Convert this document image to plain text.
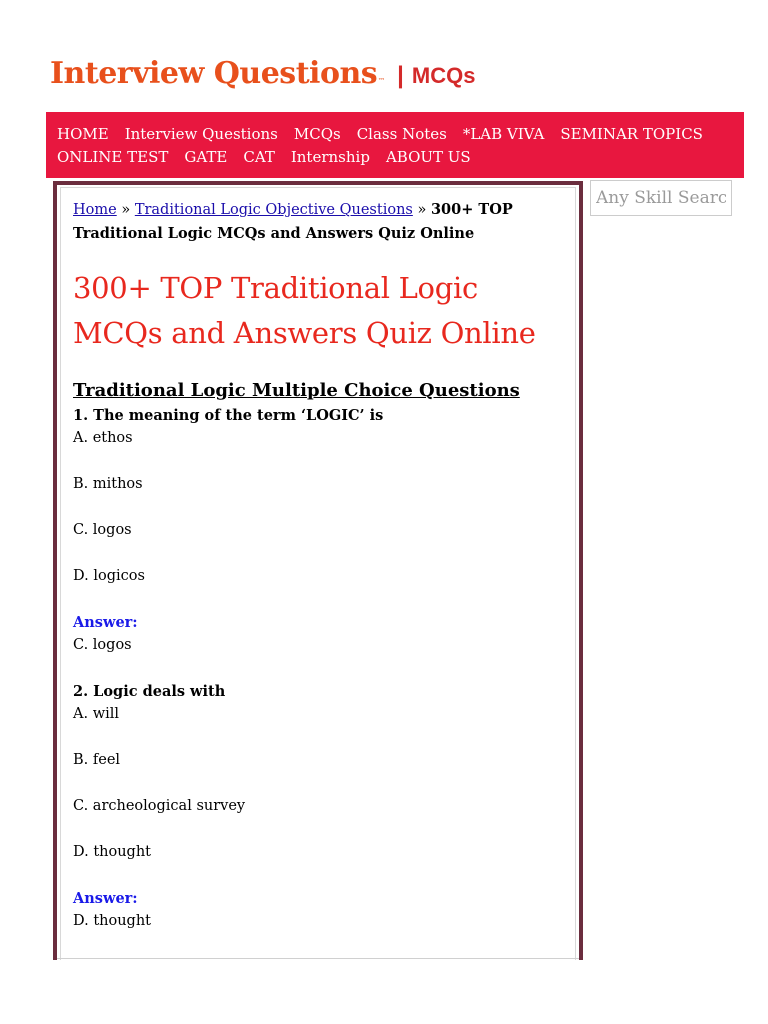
Interview Questions ™ | MCQs
HOME Interview Questions MCQs Class Notes *LAB VIVA SEMINAR TOPICS
ONLINE TEST GATE CAT Internship ABOUT US
Any Skill Search Here
Home » Traditional Logic Objective Questions » 300+ TOP Traditional Logic MCQs and Answers Quiz Online
300+ TOP Traditional Logic MCQs and Answers Quiz Online
Traditional Logic Multiple Choice Questions
1. The meaning of the term ‘LOGIC’ is
A. ethos
B. mithos
C. logos
D. logicos
Answer:
C. logos
2. Logic deals with
A. will
B. feel
C. archeological survey
D. thought
Answer:
D. thought
